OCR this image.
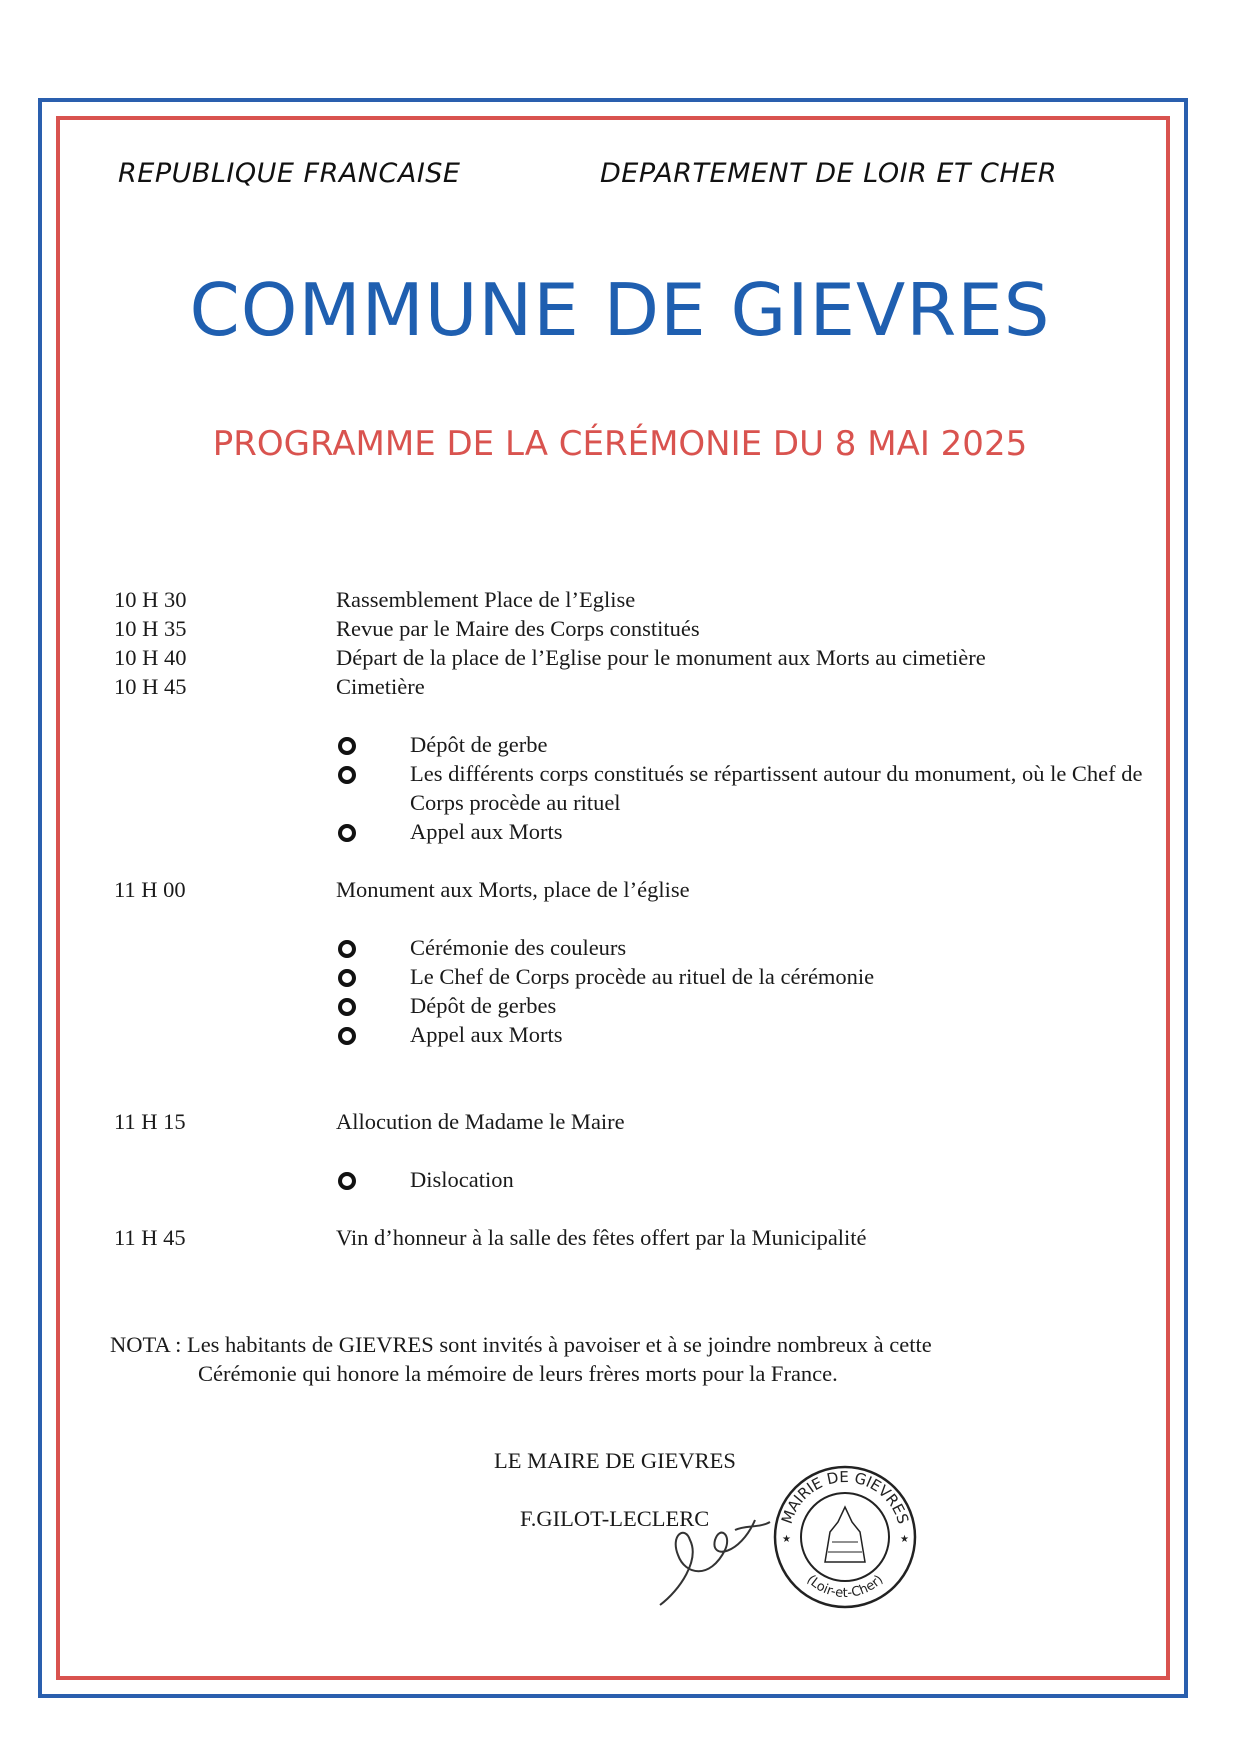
REPUBLIQUE FRANCAISE	DEPARTEMENT DE LOIR ET CHER
COMMUNE DE GIEVRES
PROGRAMME DE LA CÉRÉMONIE DU 8 MAI 2025
10 H 30	Rassemblement Place de l’Eglise
10 H 35	Revue par le Maire des Corps constitués
10 H 40	Départ de la place de l’Eglise pour le monument aux Morts au cimetière
10 H 45	Cimetière
Dépôt de gerbe
Les différents corps constitués se répartissent autour du monument, où le Chef de Corps procède au rituel
Appel aux Morts
11 H 00	Monument aux Morts, place de l’église
Cérémonie des couleurs
Le Chef de Corps procède au rituel de la cérémonie
Dépôt de gerbes
Appel aux Morts
11 H 15	Allocution de Madame le Maire
Dislocation
11 H 45	Vin d’honneur à la salle des fêtes offert par la Municipalité
NOTA : Les habitants de GIEVRES sont invités à pavoiser et à se joindre nombreux à cette
Cérémonie qui honore la mémoire de leurs frères morts pour la France.
LE MAIRE DE GIEVRES
F.GILOT-LECLERC	MAIRIE DE GIEVRES
(Loir-et-Cher)
★	★
